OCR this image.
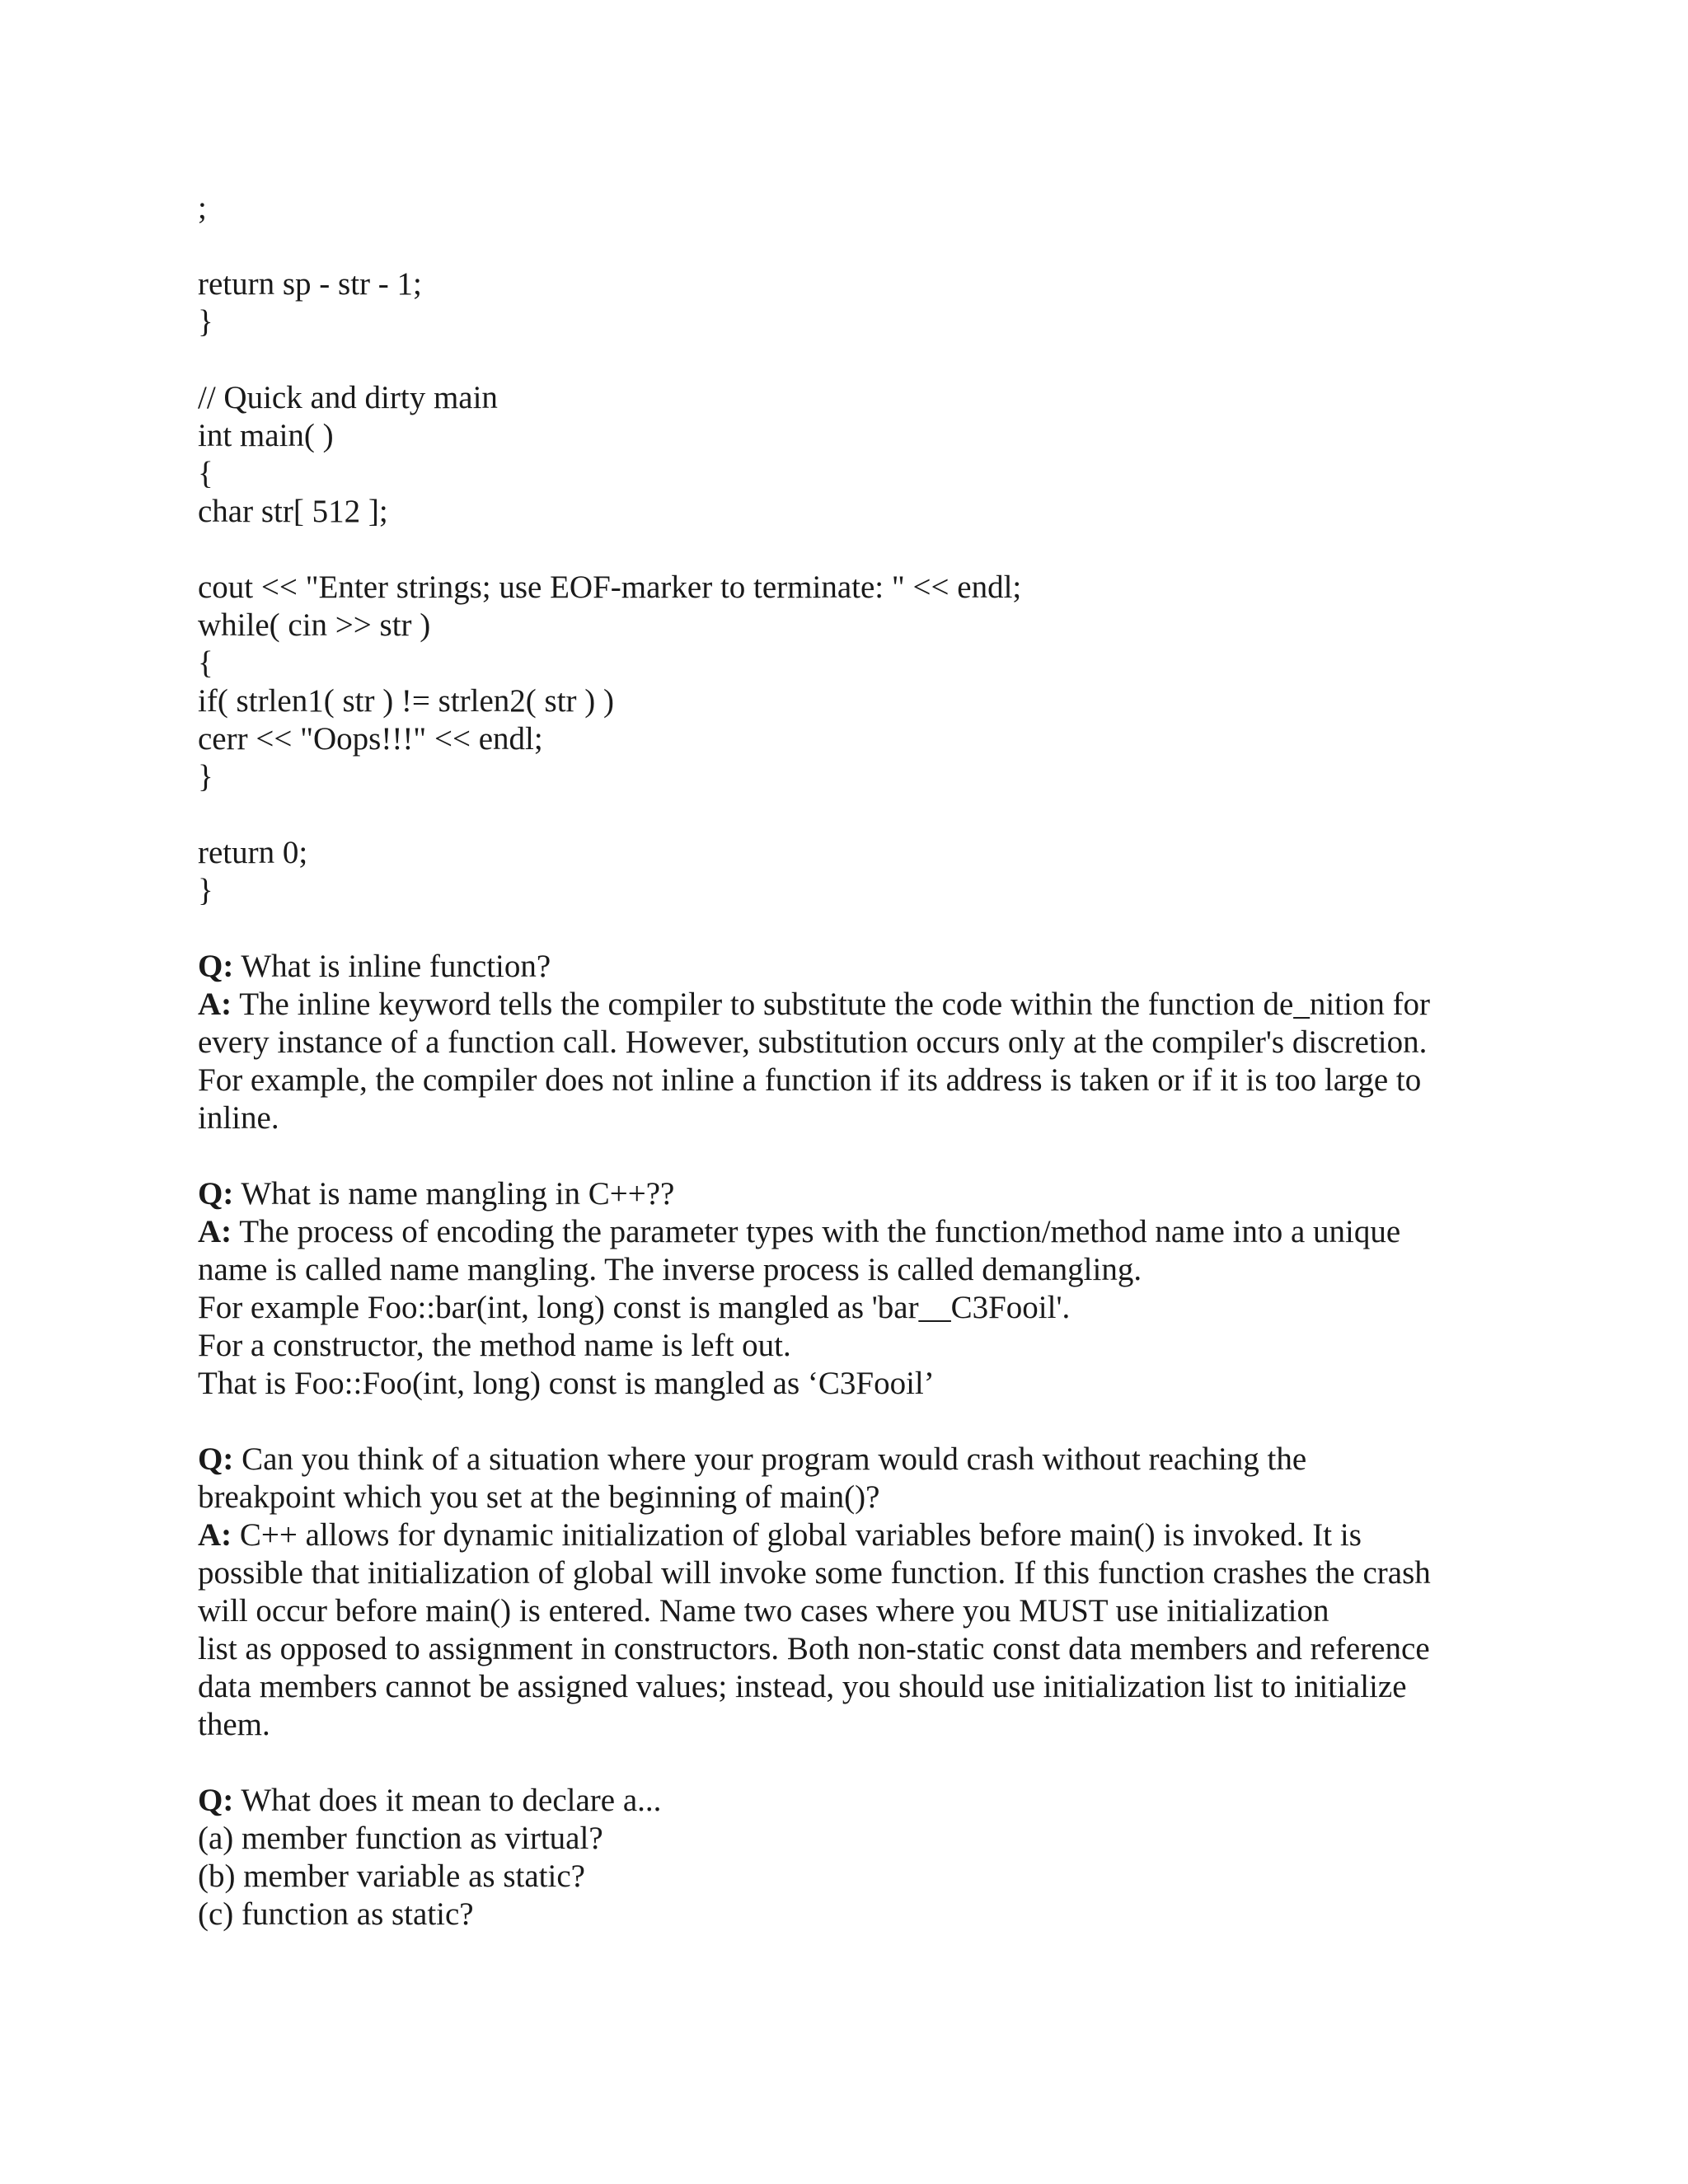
;
return sp - str - 1;
}
// Quick and dirty main
int main( )
{
char str[ 512 ];
cout << "Enter strings; use EOF-marker to terminate: " << endl;
while( cin >> str )
{
if( strlen1( str ) != strlen2( str ) )
cerr << "Oops!!!" << endl;
}
return 0;
}
Q: What is inline function?
A: The inline keyword tells the compiler to substitute the code within the function de_nition for
every instance of a function call. However, substitution occurs only at the compiler's discretion.
For example, the compiler does not inline a function if its address is taken or if it is too large to
inline.
Q: What is name mangling in C++??
A: The process of encoding the parameter types with the function/method name into a unique
name is called name mangling. The inverse process is called demangling.
For example Foo::bar(int, long) const is mangled as 'bar__C3Fooil'.
For a constructor, the method name is left out.
That is Foo::Foo(int, long) const is mangled as ‘C3Fooil’
Q: Can you think of a situation where your program would crash without reaching the
breakpoint which you set at the beginning of main()?
A: C++ allows for dynamic initialization of global variables before main() is invoked. It is
possible that initialization of global will invoke some function. If this function crashes the crash
will occur before main() is entered. Name two cases where you MUST use initialization
list as opposed to assignment in constructors. Both non-static const data members and reference
data members cannot be assigned values; instead, you should use initialization list to initialize
them.
Q: What does it mean to declare a...
(a) member function as virtual?
(b) member variable as static?
(c) function as static?
